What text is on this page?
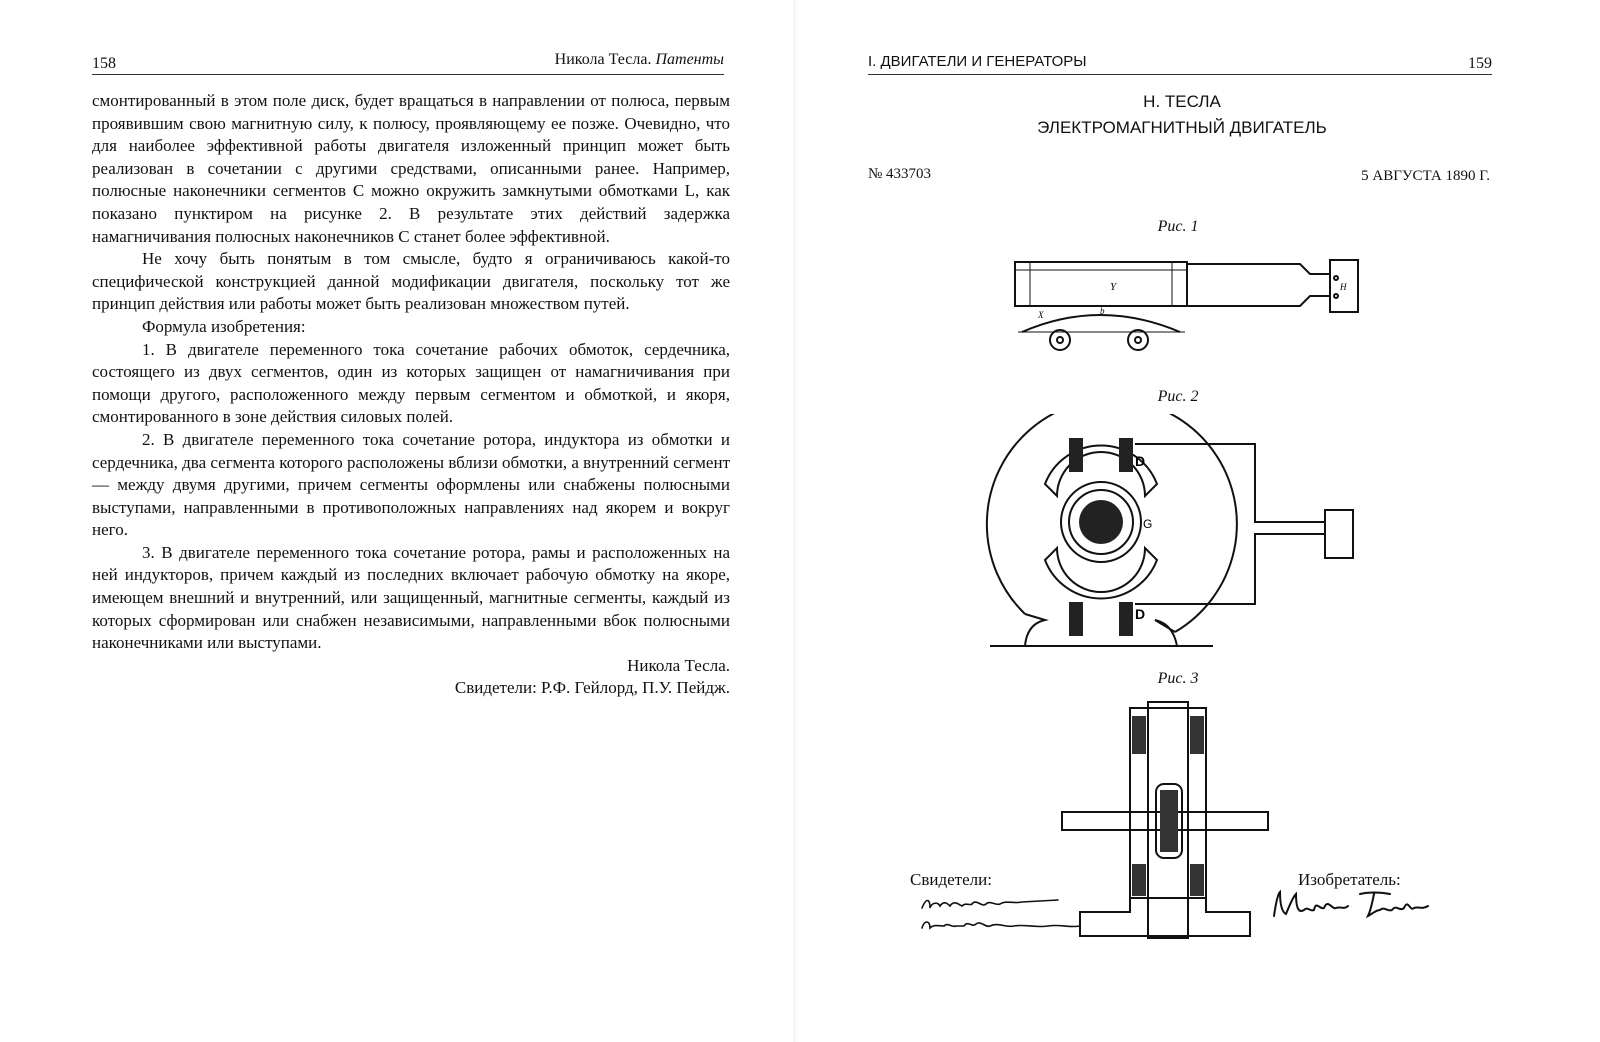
158	Никола Тесла. Патенты

смонтированный в этом поле диск, будет вращаться в направлении от полюса, первым проявившим свою магнитную силу, к полюсу, проявляющему ее позже. Очевидно, что для наиболее эффективной работы двигателя изложенный принцип может быть реализован в сочетании с другими средствами, описанными ранее. Например, полюсные наконечники сегментов C можно окружить замкнутыми обмотками L, как показано пунктиром на рисунке 2. В результате этих действий задержка намагничивания полюсных наконечников C станет более эффективной.

Не хочу быть понятым в том смысле, будто я ограничиваюсь какой-то специфической конструкцией данной модификации двигателя, поскольку тот же принцип действия или работы может быть реализован множеством путей.

Формула изобретения:

1. В двигателе переменного тока сочетание рабочих обмоток, сердечника, состоящего из двух сегментов, один из которых защищен от намагничивания при помощи другого, расположенного между первым сегментом и обмоткой, и якоря, смонтированного в зоне действия силовых полей.

2. В двигателе переменного тока сочетание ротора, индуктора из обмотки и сердечника, два сегмента которого расположены вблизи обмотки, а внутренний сегмент — между двумя другими, причем сегменты оформлены или снабжены полюсными выступами, направленными в противоположных направлениях над якорем и вокруг него.

3. В двигателе переменного тока сочетание ротора, рамы и расположенных на ней индукторов, причем каждый из последних включает рабочую обмотку на якоре, имеющем внешний и внутренний, или защищенный, магнитные сегменты, каждый из которых сформирован или снабжен независимыми, направленными вбок полюсными наконечниками или выступами.

Никола Тесла.

Свидетели: Р.Ф. Гейлорд, П.У. Пейдж.

I. ДВИГАТЕЛИ И ГЕНЕРАТОРЫ	159
Н. ТЕСЛА
ЭЛЕКТРОМАГНИТНЫЙ ДВИГАТЕЛЬ
№ 433703	5 АВГУСТА 1890 Г.
Рис. 1
Y	H
X	b
Рис. 2
D
D
G
Рис. 3
Свидетели:	Изобретатель:
